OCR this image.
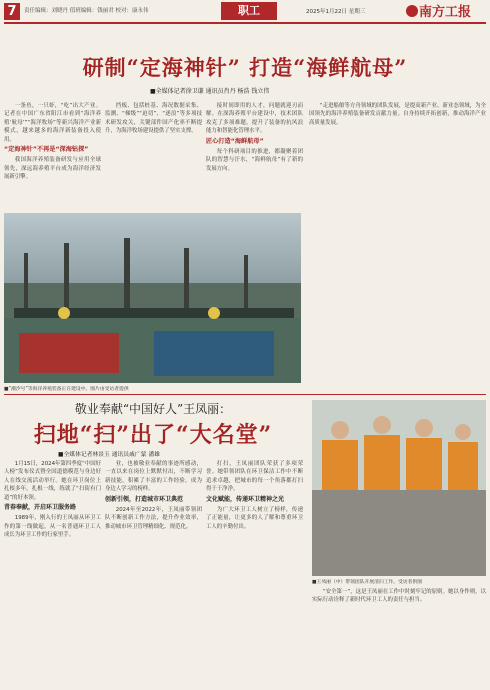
7	责任编辑：刘晓丹 值班编辑：钱丽君 校对：康永伟	职工	2025年1月22日 星期三	南方工报
研制“定海神针” 打造“海鲜航母”
■全媒体记者徐卫谦 通讯员肖丹 杨浩 钱立伟

一条鱼，一只虾，“吃”出大产业。记者在中国广东省阳江市看到“海洋养殖‘航母’”“海洋牧场”等新兴海洋产业新模式，越来越多的海洋新装备投入使用。

“定海神针”不再是“深海钻探”

我国海洋养殖装备研发与应用全球领先，深远海养殖平台成为海洋经济发展新引擎。

挡板、包括桩基、海况数据采集、监测、“梯级”“迫切”、“逐浪”等多项技术研发攻关，关键部件国产化率不断提升，为海洋牧场建设提供了坚实支撑。

接时间即用的人才，问题就迎刃而解。在深海养殖平台建设中，技术团队攻克了多项难题，提升了装备的抗风浪能力和智能化管理水平。

匠心打造“海鲜航母”

每个科研项目的推进，都凝聚着团队的智慧与汗水，“海鲜航母”有了新的发展方向。

“走进船舶等方舟领域的团队发展，是提高新产业、新业态领域，为全国领先的海洋养殖装备研发贡献力量。自身持续开拓创新，推动海洋产业高质量发展。

■“潮汐号”等海洋养殖装备正在建设中。图片由受访者提供
敬业奉献“中国好人”王凤丽：
扫地“扫”出了“大名堂”
■全媒体记者林景玉 通讯员戚广蒙 潘雄

1月15日，2024年第四季度“中国好人榜”发布仪式暨全国道德模范与身边好人在线交流活动举行。她在环卫岗位上扎根多年，扎根一线，练就了“扫街有门道”的好本领。

青春奉献，开启环卫服务路

1989年，刚入行的王凤丽从环卫工作的第一线做起，从一名普通环卫工人成长为环卫工作的行家里手。

业，也被敬业奉献的事迹所感动，一直以来在岗位上默默付出，不断学习新技能，积累了丰富的工作经验，成为身边人学习的榜样。

创新引领，打造城市环卫典范

2024年至2022年，王凤丽带领团队不断创新工作方法，提升作业效率，推动城市环卫管理精细化、规范化。

打扫，王凤丽团队荣获了多项荣誉。她带领团队在环卫保洁工作中不断追求卓越，把城市的每一个角落都打扫得干干净净。

文化赋能，传递环卫精神之光

为广大环卫工人树立了榜样，传递了正能量，让更多的人了解和尊重环卫工人的辛勤付出。

■王凤丽（中）带领团队开展清扫工作。受访者供图

“安全第一”，这是王凤丽在工作中时刻牢记的原则。她以身作则，以实际行动诠释了新时代环卫工人的责任与担当。
